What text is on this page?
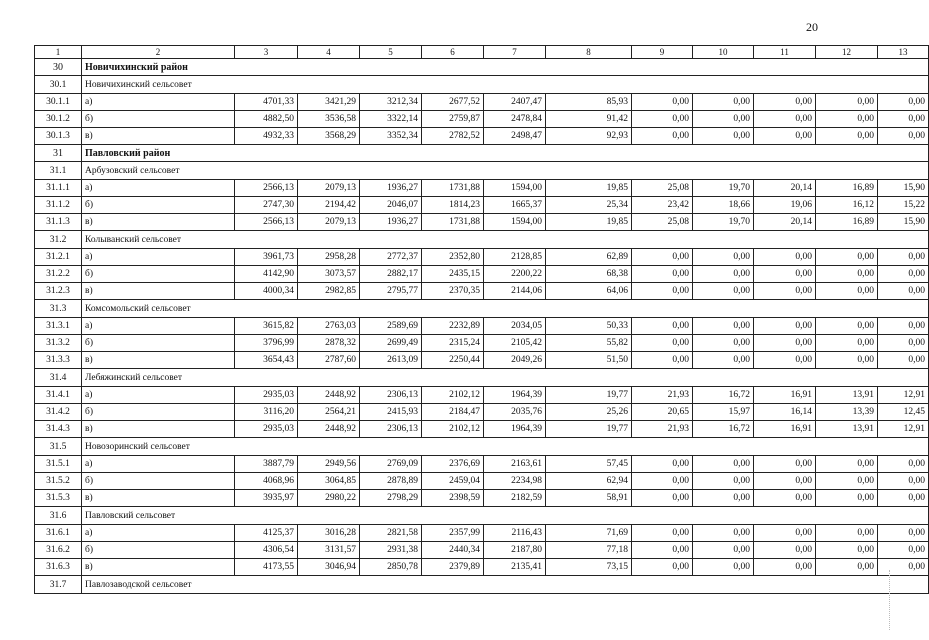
20
1	2	3	4	5	6	7	8	9	10	11	12	13
30	Новичихинский район											
30.1	Новичихинский сельсовет											
30.1.1	а)	4701,33	3421,29	3212,34	2677,52	2407,47	85,93	0,00	0,00	0,00	0,00	0,00
30.1.2	б)	4882,50	3536,58	3322,14	2759,87	2478,84	91,42	0,00	0,00	0,00	0,00	0,00
30.1.3	в)	4932,33	3568,29	3352,34	2782,52	2498,47	92,93	0,00	0,00	0,00	0,00	0,00
31	Павловский район											
31.1	Арбузовский сельсовет											
31.1.1	а)	2566,13	2079,13	1936,27	1731,88	1594,00	19,85	25,08	19,70	20,14	16,89	15,90
31.1.2	б)	2747,30	2194,42	2046,07	1814,23	1665,37	25,34	23,42	18,66	19,06	16,12	15,22
31.1.3	в)	2566,13	2079,13	1936,27	1731,88	1594,00	19,85	25,08	19,70	20,14	16,89	15,90
31.2	Колыванский сельсовет											
31.2.1	а)	3961,73	2958,28	2772,37	2352,80	2128,85	62,89	0,00	0,00	0,00	0,00	0,00
31.2.2	б)	4142,90	3073,57	2882,17	2435,15	2200,22	68,38	0,00	0,00	0,00	0,00	0,00
31.2.3	в)	4000,34	2982,85	2795,77	2370,35	2144,06	64,06	0,00	0,00	0,00	0,00	0,00
31.3	Комсомольский сельсовет											
31.3.1	а)	3615,82	2763,03	2589,69	2232,89	2034,05	50,33	0,00	0,00	0,00	0,00	0,00
31.3.2	б)	3796,99	2878,32	2699,49	2315,24	2105,42	55,82	0,00	0,00	0,00	0,00	0,00
31.3.3	в)	3654,43	2787,60	2613,09	2250,44	2049,26	51,50	0,00	0,00	0,00	0,00	0,00
31.4	Лебяжинский сельсовет											
31.4.1	а)	2935,03	2448,92	2306,13	2102,12	1964,39	19,77	21,93	16,72	16,91	13,91	12,91
31.4.2	б)	3116,20	2564,21	2415,93	2184,47	2035,76	25,26	20,65	15,97	16,14	13,39	12,45
31.4.3	в)	2935,03	2448,92	2306,13	2102,12	1964,39	19,77	21,93	16,72	16,91	13,91	12,91
31.5	Новозоринский сельсовет											
31.5.1	а)	3887,79	2949,56	2769,09	2376,69	2163,61	57,45	0,00	0,00	0,00	0,00	0,00
31.5.2	б)	4068,96	3064,85	2878,89	2459,04	2234,98	62,94	0,00	0,00	0,00	0,00	0,00
31.5.3	в)	3935,97	2980,22	2798,29	2398,59	2182,59	58,91	0,00	0,00	0,00	0,00	0,00
31.6	Павловский сельсовет											
31.6.1	а)	4125,37	3016,28	2821,58	2357,99	2116,43	71,69	0,00	0,00	0,00	0,00	0,00
31.6.2	б)	4306,54	3131,57	2931,38	2440,34	2187,80	77,18	0,00	0,00	0,00	0,00	0,00
31.6.3	в)	4173,55	3046,94	2850,78	2379,89	2135,41	73,15	0,00	0,00	0,00	0,00	0,00
31.7	Павлозаводской сельсовет											
